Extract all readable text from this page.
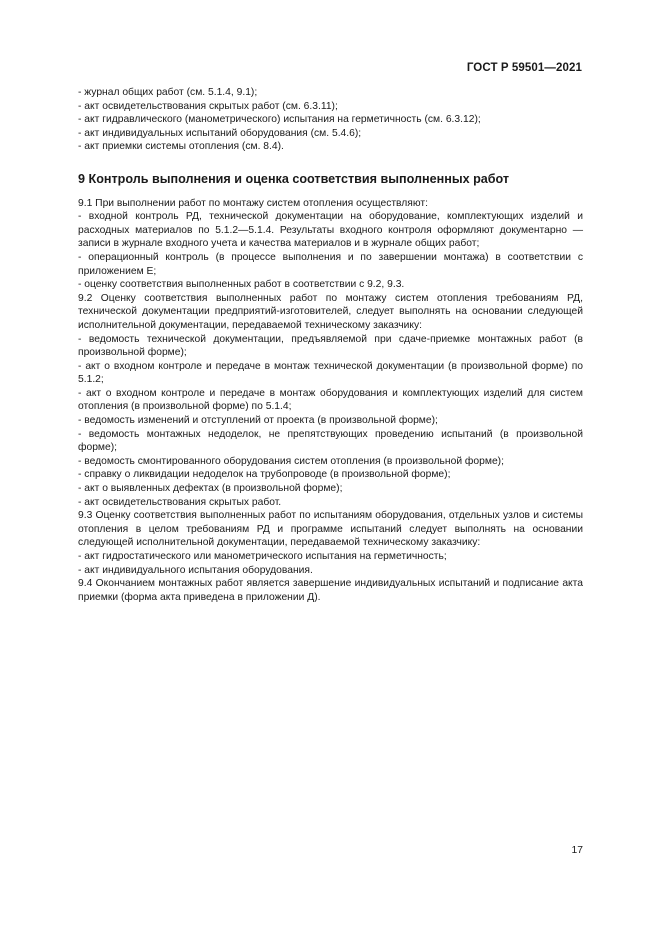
ГОСТ Р 59501—2021

- журнал общих работ (см. 5.1.4, 9.1);

- акт освидетельствования скрытых работ (см. 6.3.11);

- акт гидравлического (манометрического) испытания на герметичность (см. 6.3.12);

- акт индивидуальных испытаний оборудования (см. 5.4.6);

- акт приемки системы отопления (см. 8.4).

9 Контроль выполнения и оценка соответствия выполненных работ

9.1 При выполнении работ по монтажу систем отопления осуществляют:

- входной контроль РД, технической документации на оборудование, комплектующих изделий и расходных материалов по 5.1.2—5.1.4. Результаты входного контроля оформляют документарно — записи в журнале входного учета и качества материалов и в журнале общих работ;

- операционный контроль (в процессе выполнения и по завершении монтажа) в соответствии с приложением Е;

- оценку соответствия выполненных работ в соответствии с 9.2, 9.3.

9.2 Оценку соответствия выполненных работ по монтажу систем отопления требованиям РД, технической документации предприятий-изготовителей, следует выполнять на основании следующей исполнительной документации, передаваемой техническому заказчику:

- ведомость технической документации, предъявляемой при сдаче-приемке монтажных работ (в произвольной форме);

- акт о входном контроле и передаче в монтаж технической документации (в произвольной форме) по 5.1.2;

- акт о входном контроле и передаче в монтаж оборудования и комплектующих изделий для систем отопления (в произвольной форме) по 5.1.4;

- ведомость изменений и отступлений от проекта (в произвольной форме);

- ведомость монтажных недоделок, не препятствующих проведению испытаний (в произвольной форме);

- ведомость смонтированного оборудования систем отопления (в произвольной форме);

- справку о ликвидации недоделок на трубопроводе (в произвольной форме);

- акт о выявленных дефектах (в произвольной форме);

- акт освидетельствования скрытых работ.

9.3 Оценку соответствия выполненных работ по испытаниям оборудования, отдельных узлов и системы отопления в целом требованиям РД и программе испытаний следует выполнять на основании следующей исполнительной документации, передаваемой техническому заказчику:

- акт гидростатического или манометрического испытания на герметичность;

- акт индивидуального испытания оборудования.

9.4 Окончанием монтажных работ является завершение индивидуальных испытаний и подписание акта приемки (форма акта приведена в приложении Д).

17
